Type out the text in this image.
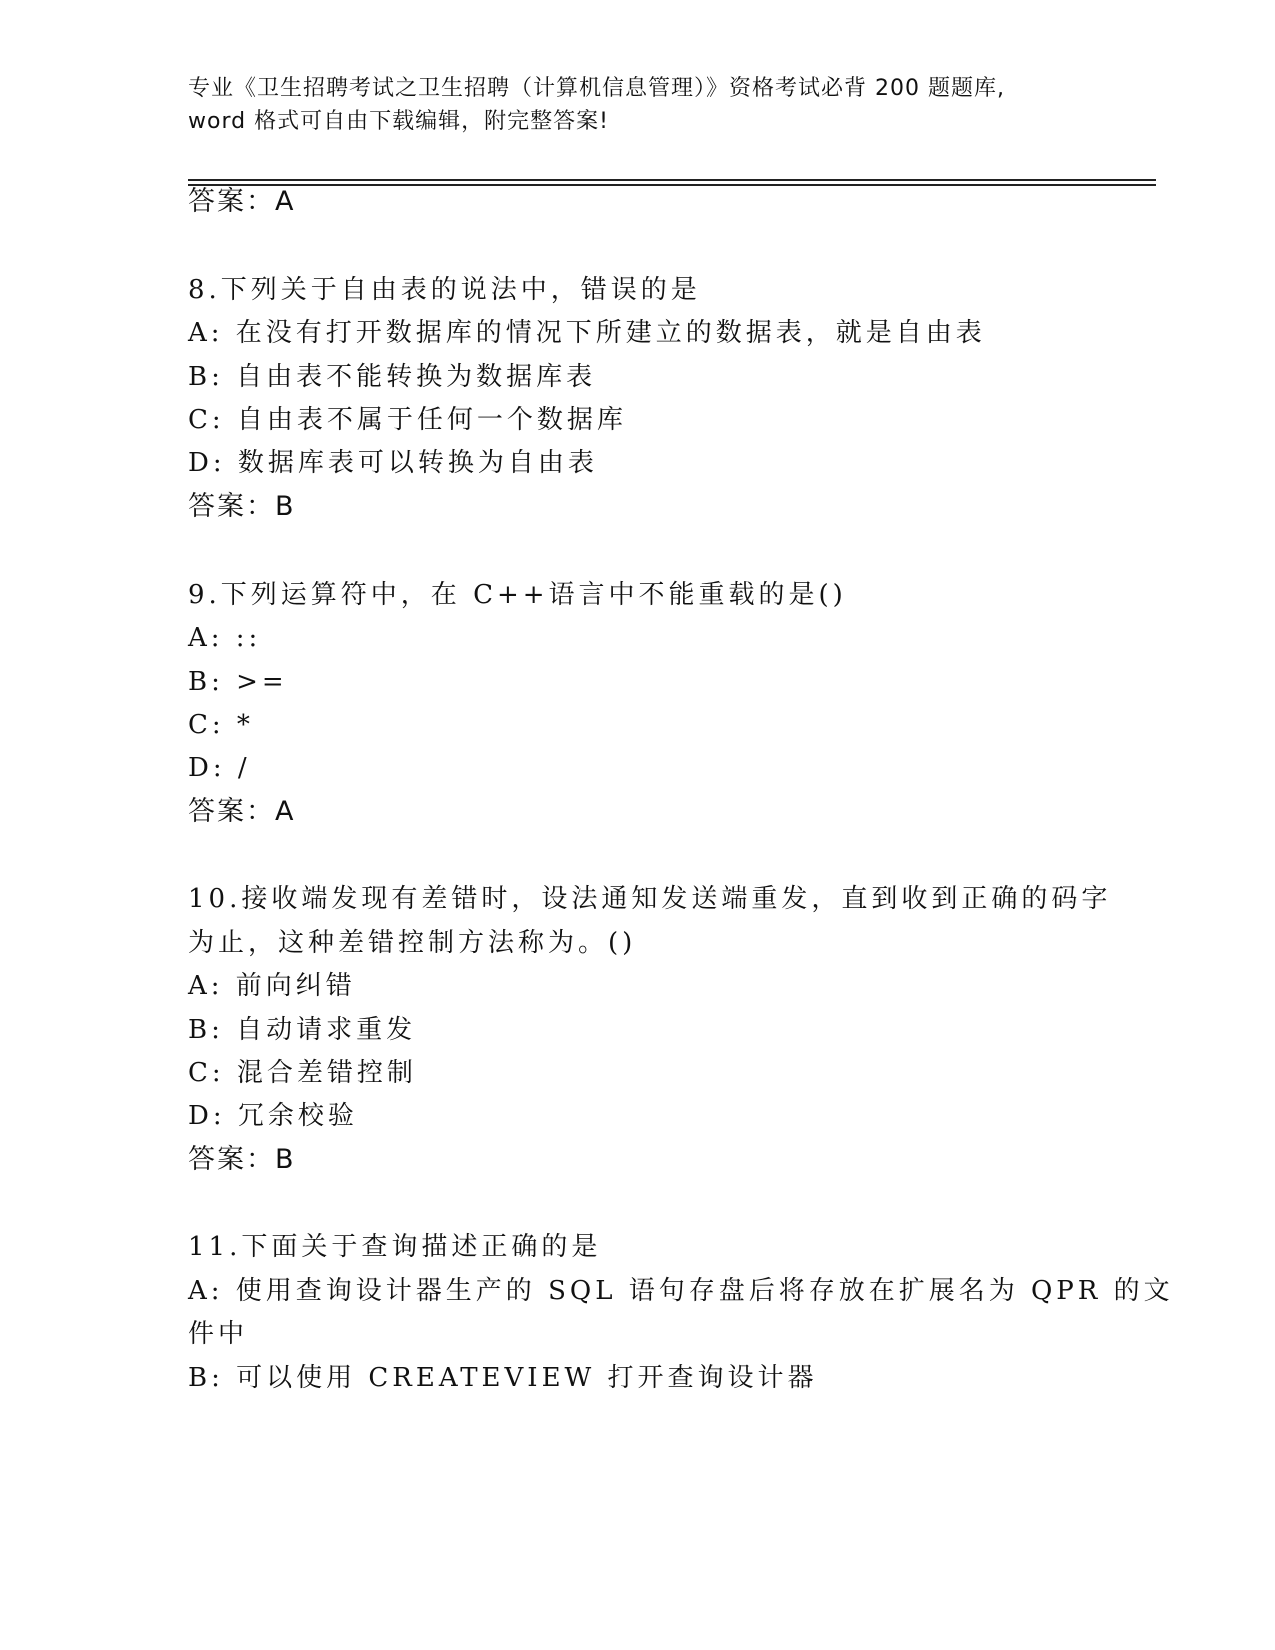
专业《卫生招聘考试之卫生招聘（计算机信息管理）》资格考试必背 200 题题库,
word 格式可自由下载编辑，附完整答案!
答案：A
8.下列关于自由表的说法中，错误的是
A: 在没有打开数据库的情况下所建立的数据表，就是自由表
B: 自由表不能转换为数据库表
C: 自由表不属于任何一个数据库
D: 数据库表可以转换为自由表
答案：B
9.下列运算符中，在 C++语言中不能重载的是()
A: ::
B: >=
C: *
D: /
答案：A
10.接收端发现有差错时，设法通知发送端重发，直到收到正确的码字
为止，这种差错控制方法称为。()
A: 前向纠错
B: 自动请求重发
C: 混合差错控制
D: 冗余校验
答案：B
11.下面关于查询描述正确的是
A: 使用查询设计器生产的 SQL 语句存盘后将存放在扩展名为 QPR 的文
件中
B: 可以使用 CREATEVIEW 打开查询设计器
